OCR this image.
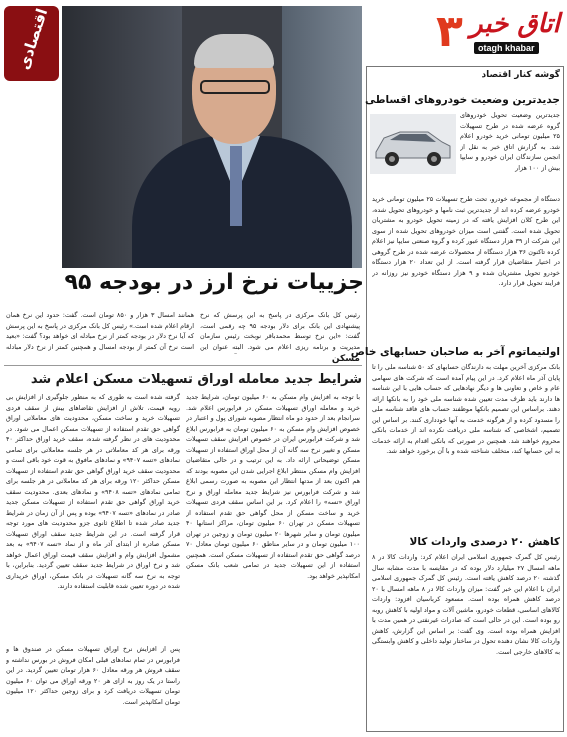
۳ اتاق خبر
otagh khabar
اقتصادی
جزییات نرخ ارز در بودجه ۹۵
رئیس کل بانک مرکزی در پاسخ به این پرسش که نرخ پیشنهادی این بانک برای دلار بودجه ۹۵ چه رقمی است، گفت: «این نرخ توسط محمدباقر نوبخت رئیس سازمان مدیریت و برنامه ریزی اعلام می شود. البته عنوان این
همانند امسال ۳ هزار و ۸۵۰ تومان است. گفت: حدود این نرخ همان ارقام اعلام شده است.» رئیس کل بانک مرکزی در پاسخ به این پرسش که آیا نرخ دلار در بودجه کمتر از نرخ مبادله ای خواهد بود؟ گفت: «بعید است نرخ آن کمتر از بودجه امسال و همچنین کمتر از نرخ دلار مبادله
مسکن
شرایط جدید معامله اوراق تسهیلات مسکن اعلام شد
با توجه به افزایش وام مسکن به ۶۰ میلیون تومان، شرایط جدید خرید و معامله اوراق تسهیلات مسکن در فرابورس اعلام شد. سرانجام بعد از حدود دو ماه انتظار مصوبه شورای پول و اعتبار در خصوص افزایش وام مسکن به ۶۰ میلیون تومان به فرابورس ابلاغ شد و شرکت فرابورس ایران در خصوص افزایش سقف تسهیلات مسکن و تغییر نرخ سه گانه آن از محل اوراق استفاده از تسهیلات مسکن توضیحاتی ارائه داد. به این ترتیب و در حالی متقاضیان افزایش وام مسکن منتظر ابلاغ اجرایی شدن این مصوبه بودند که هم اکنون بعد از مدتها انتظار این مصوبه به صورت رسمی ابلاغ شد و شرکت فرابورس نیز شرایط جدید معامله اوراق و نرخ اوراق «تسه» را اعلام کرد. بر این اساس سقف فردی تسهیلات خرید و ساخت مسکن از محل گواهی حق تقدم استفاده از تسهیلات مسکن در تهران ۶۰ میلیون تومان، مراکز استانها ۴۰ میلیون تومان و سایر شهرها ۲۰ میلیون تومان و زوجین در تهران ۱۰۰ میلیون تومان و در سایر مناطق ۶۰ میلیون تومان معادل ۷۰ درصد گواهی حق تقدم استفاده از تسهیلات مسکن است. همچنین استفاده از این تسهیلات جدید در تمامی شعب بانک مسکن امکانپذیر خواهد بود.
گرفته شده است به طوری که به منظور جلوگیری از افزایش بی رویه قیمت، تلاش از افزایش تقاضاهای بیش از سقف فردی تسهیلات خرید و ساخت مسکن، محدودیت های معاملاتی اوراق گواهی حق تقدم استفاده از تسهیلات مسکن اعمال می شود. در محدودیت های در نظر گرفته شده، سقف خرید اوراق حداکثر ۴۰ ورقه برای هر کد معاملاتی در هر جلسه معاملاتی برای تمامی نمادهای «تسه ۹۴۰۷» و نمادهای مافوق به قوت خود باقی است و محدودیت سقف خرید اوراق گواهی حق تقدم استفاده از تسهیلات مسکن حداکثر ۱۲۰ ورقه برای هر کد معاملاتی در هر جلسه برای تمامی نمادهای «تسه ۹۴۰۸» و نمادهای بعدی. محدودیت سقف خرید اوراق گواهی حق تقدم استفاده از تسهیلات مسکن جدید صادر در نمادهای «تسه ۹۴۰۷» بوده و پس از آن زمان در شرایط جدید صادر شده تا اطلاع ثانوی جزو محدودیت های مورد توجه قرار گرفته است. در این شرایط جدید سقف اوراق تسهیلات مسکن صادره از ابتدای آذر ماه و از نماد «تسه ۹۴۰۷» به بعد مشمول افزایش وام و افزایش سقف قیمت اوراق اعمال خواهد شد و نرخ اوراق در شرایط جدید سقف تعیین گردید. بنابراین، با توجه به نرخ سه گانه تسهیلات در بانک مسکن، اوراق خریداری شده در دوره تعیین شده قابلیت استفاده دارند.
پس از افزایش نرخ اوراق تسهیلات مسکن در صندوق ها و فرابورس در تمام نمادهای قبلی امکان فروش در بورس نداشته و سقف فروش هر ورقه معادل ۶۰ هزار تومان تعیین گردید. در این راستا در یک روز به ازای هر ۲۰ ورقه اوراق می توان ۶۰ میلیون تومان تسهیلات دریافت کرد و برای زوجین حداکثر ۱۲۰ میلیون تومان امکانپذیر است.
گوشه کنار اقتصاد
جدیدترین وضعیت خودروهای اقساطی
جدیدترین وضعیت تحویل خودروهای گروه عرضه شده در طرح تسهیلات ۲۵ میلیون تومانی خرید خودرو اعلام شد. به گزارش اتاق خبر به نقل از انجمن سازندگان ایران خودرو و سایپا بیش از ۱۰۰ هزار
دستگاه از مجموعه خودرو، تحت طرح تسهیلات ۲۵ میلیون تومانی خرید خودرو عرضه کرده اند از جدیدترین ثبت نامها و خودروهای تحویل شده، این طرح کلان افزایش یافته که در زمینه تحویل خودرو به مشتریان تحویل شده است. گفتنی است میزان خودروهای تحویل شده از سوی این شرکت از ۳۹ هزار دستگاه عبور کرده و گروه صنعتی سایپا نیز اعلام کرده تاکنون ۳۶ هزار دستگاه از محصولات عرضه شده در طرح گروهی در اختیار متقاضیان قرار گرفته است. از این تعداد ۲۰ هزار دستگاه خودرو تحویل مشتریان شده و ۹ هزار دستگاه خودرو نیز روزانه در فرایند تحویل قرار دارد.
اولتیماتوم آخر به صاحبان حسابهای خاص
بانک مرکزی آخرین مهلت به دارندگان حسابهای کد ۵۰ شناسه ملی را تا پایان آذر ماه اعلام کرد. در این پیام آمده است که شرکت های سهامی عام و خاص و تعاونی ها و دیگر نهادهایی که حساب هایی با این شناسه ها دارند باید ظرف مدت تعیین شده شناسه ملی خود را به بانکها ارائه دهند. براساس این تصمیم بانکها موظفند حساب های فاقد شناسه ملی را مسدود کرده و از هرگونه خدمت به آنها خودداری کنند. بر اساس این تصمیم، اشخاصی که شناسه ملی دریافت نکرده اند از خدمات بانکی محروم خواهند شد. همچنین در صورتی که بانکی اقدام به ارائه خدمات به این حسابها کند، متخلف شناخته شده و با آن برخورد خواهد شد.
کاهش ۲۰ درصدی واردات کالا
رئیس کل گمرک جمهوری اسلامی ایران اعلام کرد: واردات کالا در ۸ ماهه امسال ۲۷ میلیارد دلار بوده که در مقایسه با مدت مشابه سال گذشته ۲۰ درصد کاهش یافته است. رئیس کل گمرک جمهوری اسلامی ایران با اعلام این خبر گفت: میزان واردات کالا در ۸ ماهه امسال با ۲۰ درصد کاهش همراه بوده است. مسعود کرباسیان افزود: واردات کالاهای اساسی، قطعات خودرو، ماشین آلات و مواد اولیه با کاهش روبه رو بوده است. این در حالی است که صادرات غیرنفتی در همین مدت با افزایش همراه بوده است. وی گفت: بر اساس این گزارش، کاهش واردات کالا نشان دهنده تحول در ساختار تولید داخلی و کاهش وابستگی به کالاهای خارجی است.
